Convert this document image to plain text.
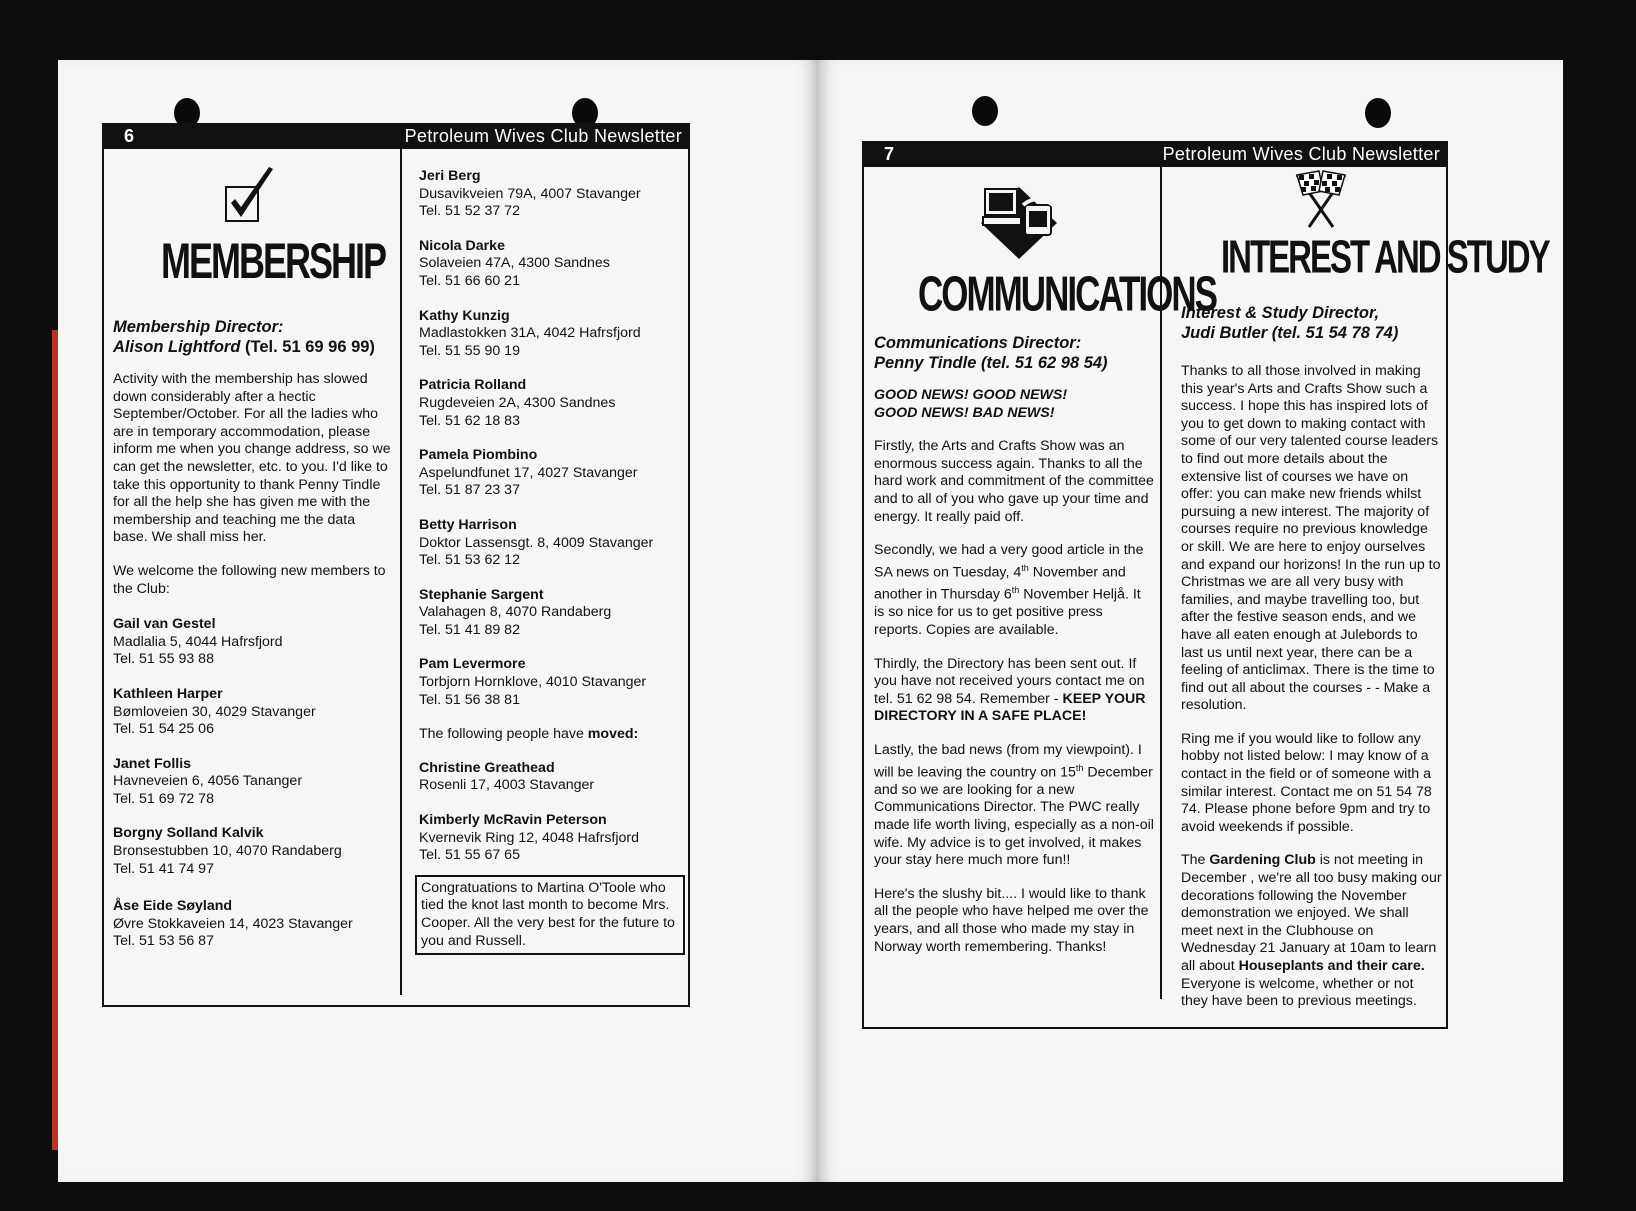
6	Petroleum Wives Club Newsletter
MEMBERSHIP
Membership Director:
Alison Lightford (Tel. 51 69 96 99)

Activity with the membership has slowed down considerably after a hectic September/October. For all the ladies who are in temporary accommodation, please inform me when you change address, so we can get the newsletter, etc. to you. I'd like to take this opportunity to thank Penny Tindle for all the help she has given me with the membership and teaching me the data base. We shall miss her.

We welcome the following new members to the Club:

Gail van Gestel
Madlalia 5, 4044 Hafrsfjord
Tel. 51 55 93 88
Kathleen Harper
Bømloveien 30, 4029 Stavanger
Tel. 51 54 25 06
Janet Follis
Havneveien 6, 4056 Tananger
Tel. 51 69 72 78
Borgny Solland Kalvik
Bronsestubben 10, 4070 Randaberg
Tel. 51 41 74 97
Åse Eide Søyland
Øvre Stokkaveien 14, 4023 Stavanger
Tel. 51 53 56 87
Jeri Berg
Dusavikveien 79A, 4007 Stavanger
Tel. 51 52 37 72
Nicola Darke
Solaveien 47A, 4300 Sandnes
Tel. 51 66 60 21
Kathy Kunzig
Madlastokken 31A, 4042 Hafrsfjord
Tel. 51 55 90 19
Patricia Rolland
Rugdeveien 2A, 4300 Sandnes
Tel. 51 62 18 83
Pamela Piombino
Aspelundfunet 17, 4027 Stavanger
Tel. 51 87 23 37
Betty Harrison
Doktor Lassensgt. 8, 4009 Stavanger
Tel. 51 53 62 12
Stephanie Sargent
Valahagen 8, 4070 Randaberg
Tel. 51 41 89 82
Pam Levermore
Torbjorn Hornklove, 4010 Stavanger
Tel. 51 56 38 81

The following people have moved:

Christine Greathead
Rosenli 17, 4003 Stavanger
Kimberly McRavin Peterson
Kvernevik Ring 12, 4048 Hafrsfjord
Tel. 51 55 67 65
Congratuations to Martina O'Toole who tied the knot last month to become Mrs. Cooper. All the very best for the future to you and Russell.
7	Petroleum Wives Club Newsletter
COMMUNICATIONS
Communications Director:
Penny Tindle (tel. 51 62 98 54)
GOOD NEWS! GOOD NEWS!
GOOD NEWS! BAD NEWS!

Firstly, the Arts and Crafts Show was an enormous success again. Thanks to all the hard work and commitment of the committee and to all of you who gave up your time and energy. It really paid off.

Secondly, we had a very good article in the SA news on Tuesday, 4th November and another in Thursday 6th November Heljå. It is so nice for us to get positive press reports. Copies are available.

Thirdly, the Directory has been sent out. If you have not received yours contact me on tel. 51 62 98 54. Remember - KEEP YOUR DIRECTORY IN A SAFE PLACE!

Lastly, the bad news (from my viewpoint). I will be leaving the country on 15th December and so we are looking for a new Communications Director. The PWC really made life worth living, especially as a non-oil wife. My advice is to get involved, it makes your stay here much more fun!!

Here's the slushy bit.... I would like to thank all the people who have helped me over the years, and all those who made my stay in Norway worth remembering. Thanks!

INTEREST AND STUDY
Interest & Study Director,
Judi Butler (tel. 51 54 78 74)

Thanks to all those involved in making this year's Arts and Crafts Show such a success. I hope this has inspired lots of you to get down to making contact with some of our very talented course leaders to find out more details about the extensive list of courses we have on offer: you can make new friends whilst pursuing a new interest. The majority of courses require no previous knowledge or skill. We are here to enjoy ourselves and expand our horizons! In the run up to Christmas we are all very busy with families, and maybe travelling too, but after the festive season ends, and we have all eaten enough at Julebords to last us until next year, there can be a feeling of anticlimax. There is the time to find out all about the courses - - Make a resolution.

Ring me if you would like to follow any hobby not listed below: I may know of a contact in the field or of someone with a similar interest. Contact me on 51 54 78 74. Please phone before 9pm and try to avoid weekends if possible.

The Gardening Club is not meeting in December , we're all too busy making our decorations following the November demonstration we enjoyed. We shall meet next in the Clubhouse on Wednesday 21 January at 10am to learn all about Houseplants and their care. Everyone is welcome, whether or not they have been to previous meetings.
